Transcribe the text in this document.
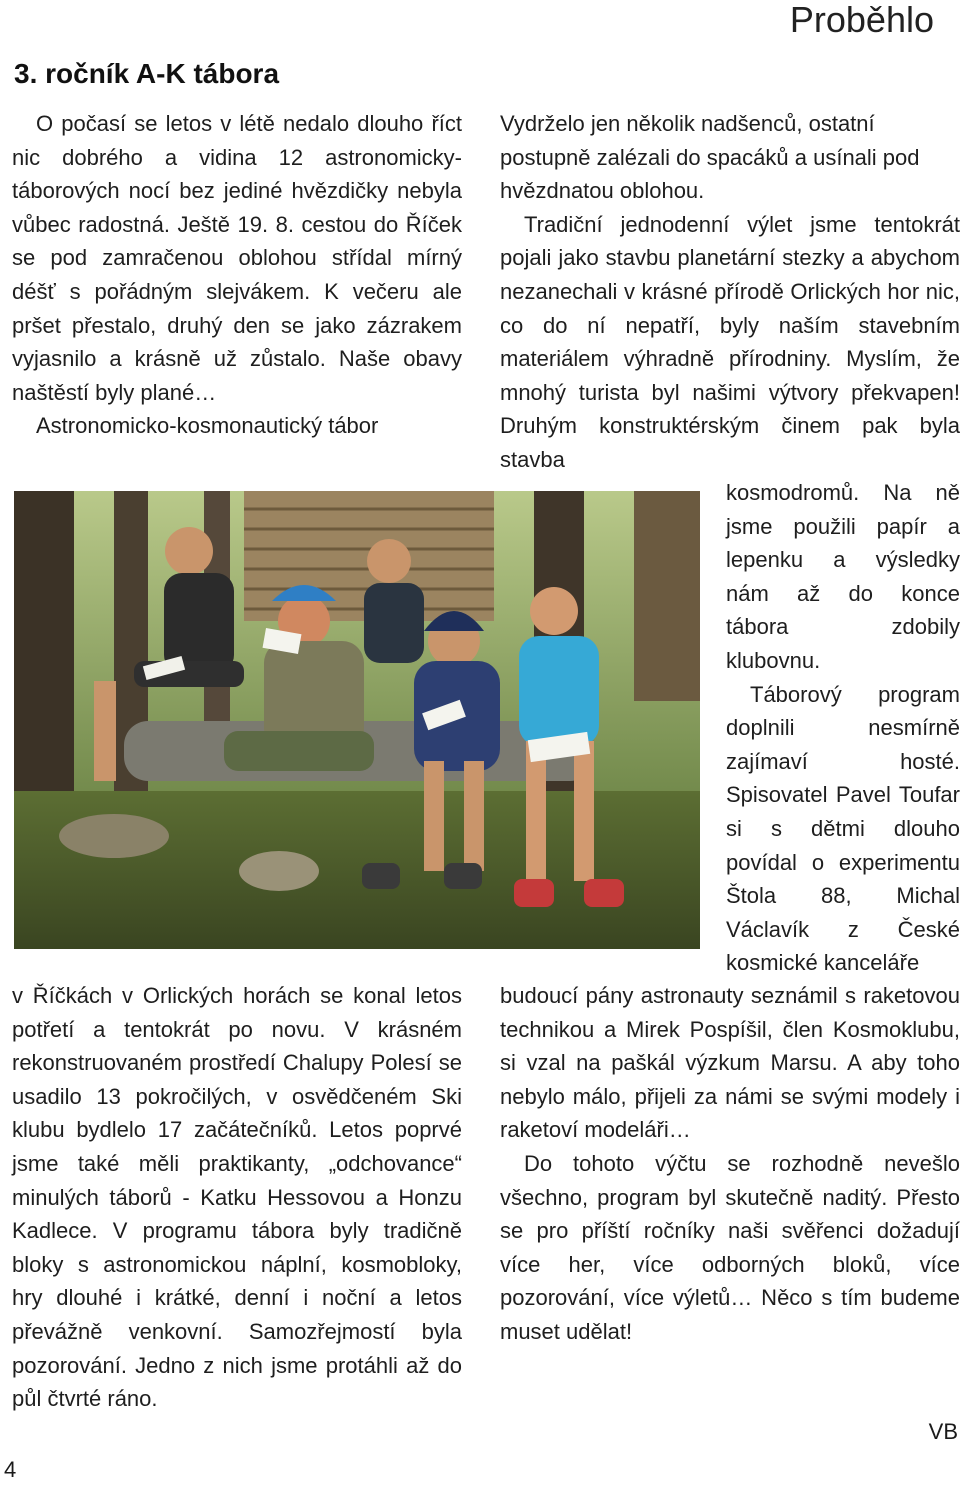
Proběhlo
3. ročník A-K tábora

O počasí se letos v létě nedalo dlouho říct nic dobrého a vidina 12 astronomicky-táborových nocí bez jediné hvězdičky nebyla vůbec radostná. Ještě 19. 8. cestou do Říček se pod zamračenou oblohou střídal mírný déšť s pořádným slejvákem. K večeru ale pršet přestalo, druhý den se jako zázrakem vyjasnilo a krásně už zůstalo. Naše obavy naštěstí byly plané…

Astronomicko-kosmonautický tábor

v Říčkách v Orlických horách se konal letos potřetí a tentokrát po novu. V krásném rekonstruovaném prostředí Chalupy Polesí se usadilo 13 pokročilých, v osvědčeném Ski klubu bydlelo 17 začátečníků. Letos poprvé jsme také měli praktikanty, „odchovance“ minulých táborů - Katku Hessovou a Honzu Kadlece. V programu tábora byly tradičně bloky s astronomickou náplní, kosmobloky, hry dlouhé i krátké, denní i noční a letos převážně venkovní. Samozřejmostí byla pozorování. Jedno z nich jsme protáhli až do půl čtvrté ráno.

Vydrželo jen několik nadšenců, ostatní postupně zalézali do spacáků a usínali pod hvězdnatou oblohou.

Tradiční jednodenní výlet jsme tentokrát pojali jako stavbu planetární stezky a abychom nezanechali v krásné přírodě Orlických hor nic, co do ní nepatří, byly naším stavebním materiálem výhradně přírodniny. Myslím, že mnohý turista byl našimi výtvory překvapen! Druhým konstruktérským činem pak byla stavba

kosmodromů. Na ně jsme použili papír a lepenku a výsledky nám až do konce tábora zdobily klubovnu.

Táborový program doplnili nesmírně zajímaví hosté. Spisovatel Pavel Toufar si s dětmi dlouho povídal o experimentu Štola 88, Michal Václavík z České kosmické kanceláře

budoucí pány astronauty seznámil s raketovou technikou a Mirek Pospíšil, člen Kosmoklubu, si vzal na paškál výzkum Marsu. A aby toho nebylo málo, přijeli za námi se svými modely i raketoví modeláři…

Do tohoto výčtu se rozhodně nevešlo všechno, program byl skutečně naditý. Přesto se pro příští ročníky naši svěřenci dožadují více her, více odborných bloků, více pozorování, více výletů… Něco s tím budeme muset udělat!

VB
4
